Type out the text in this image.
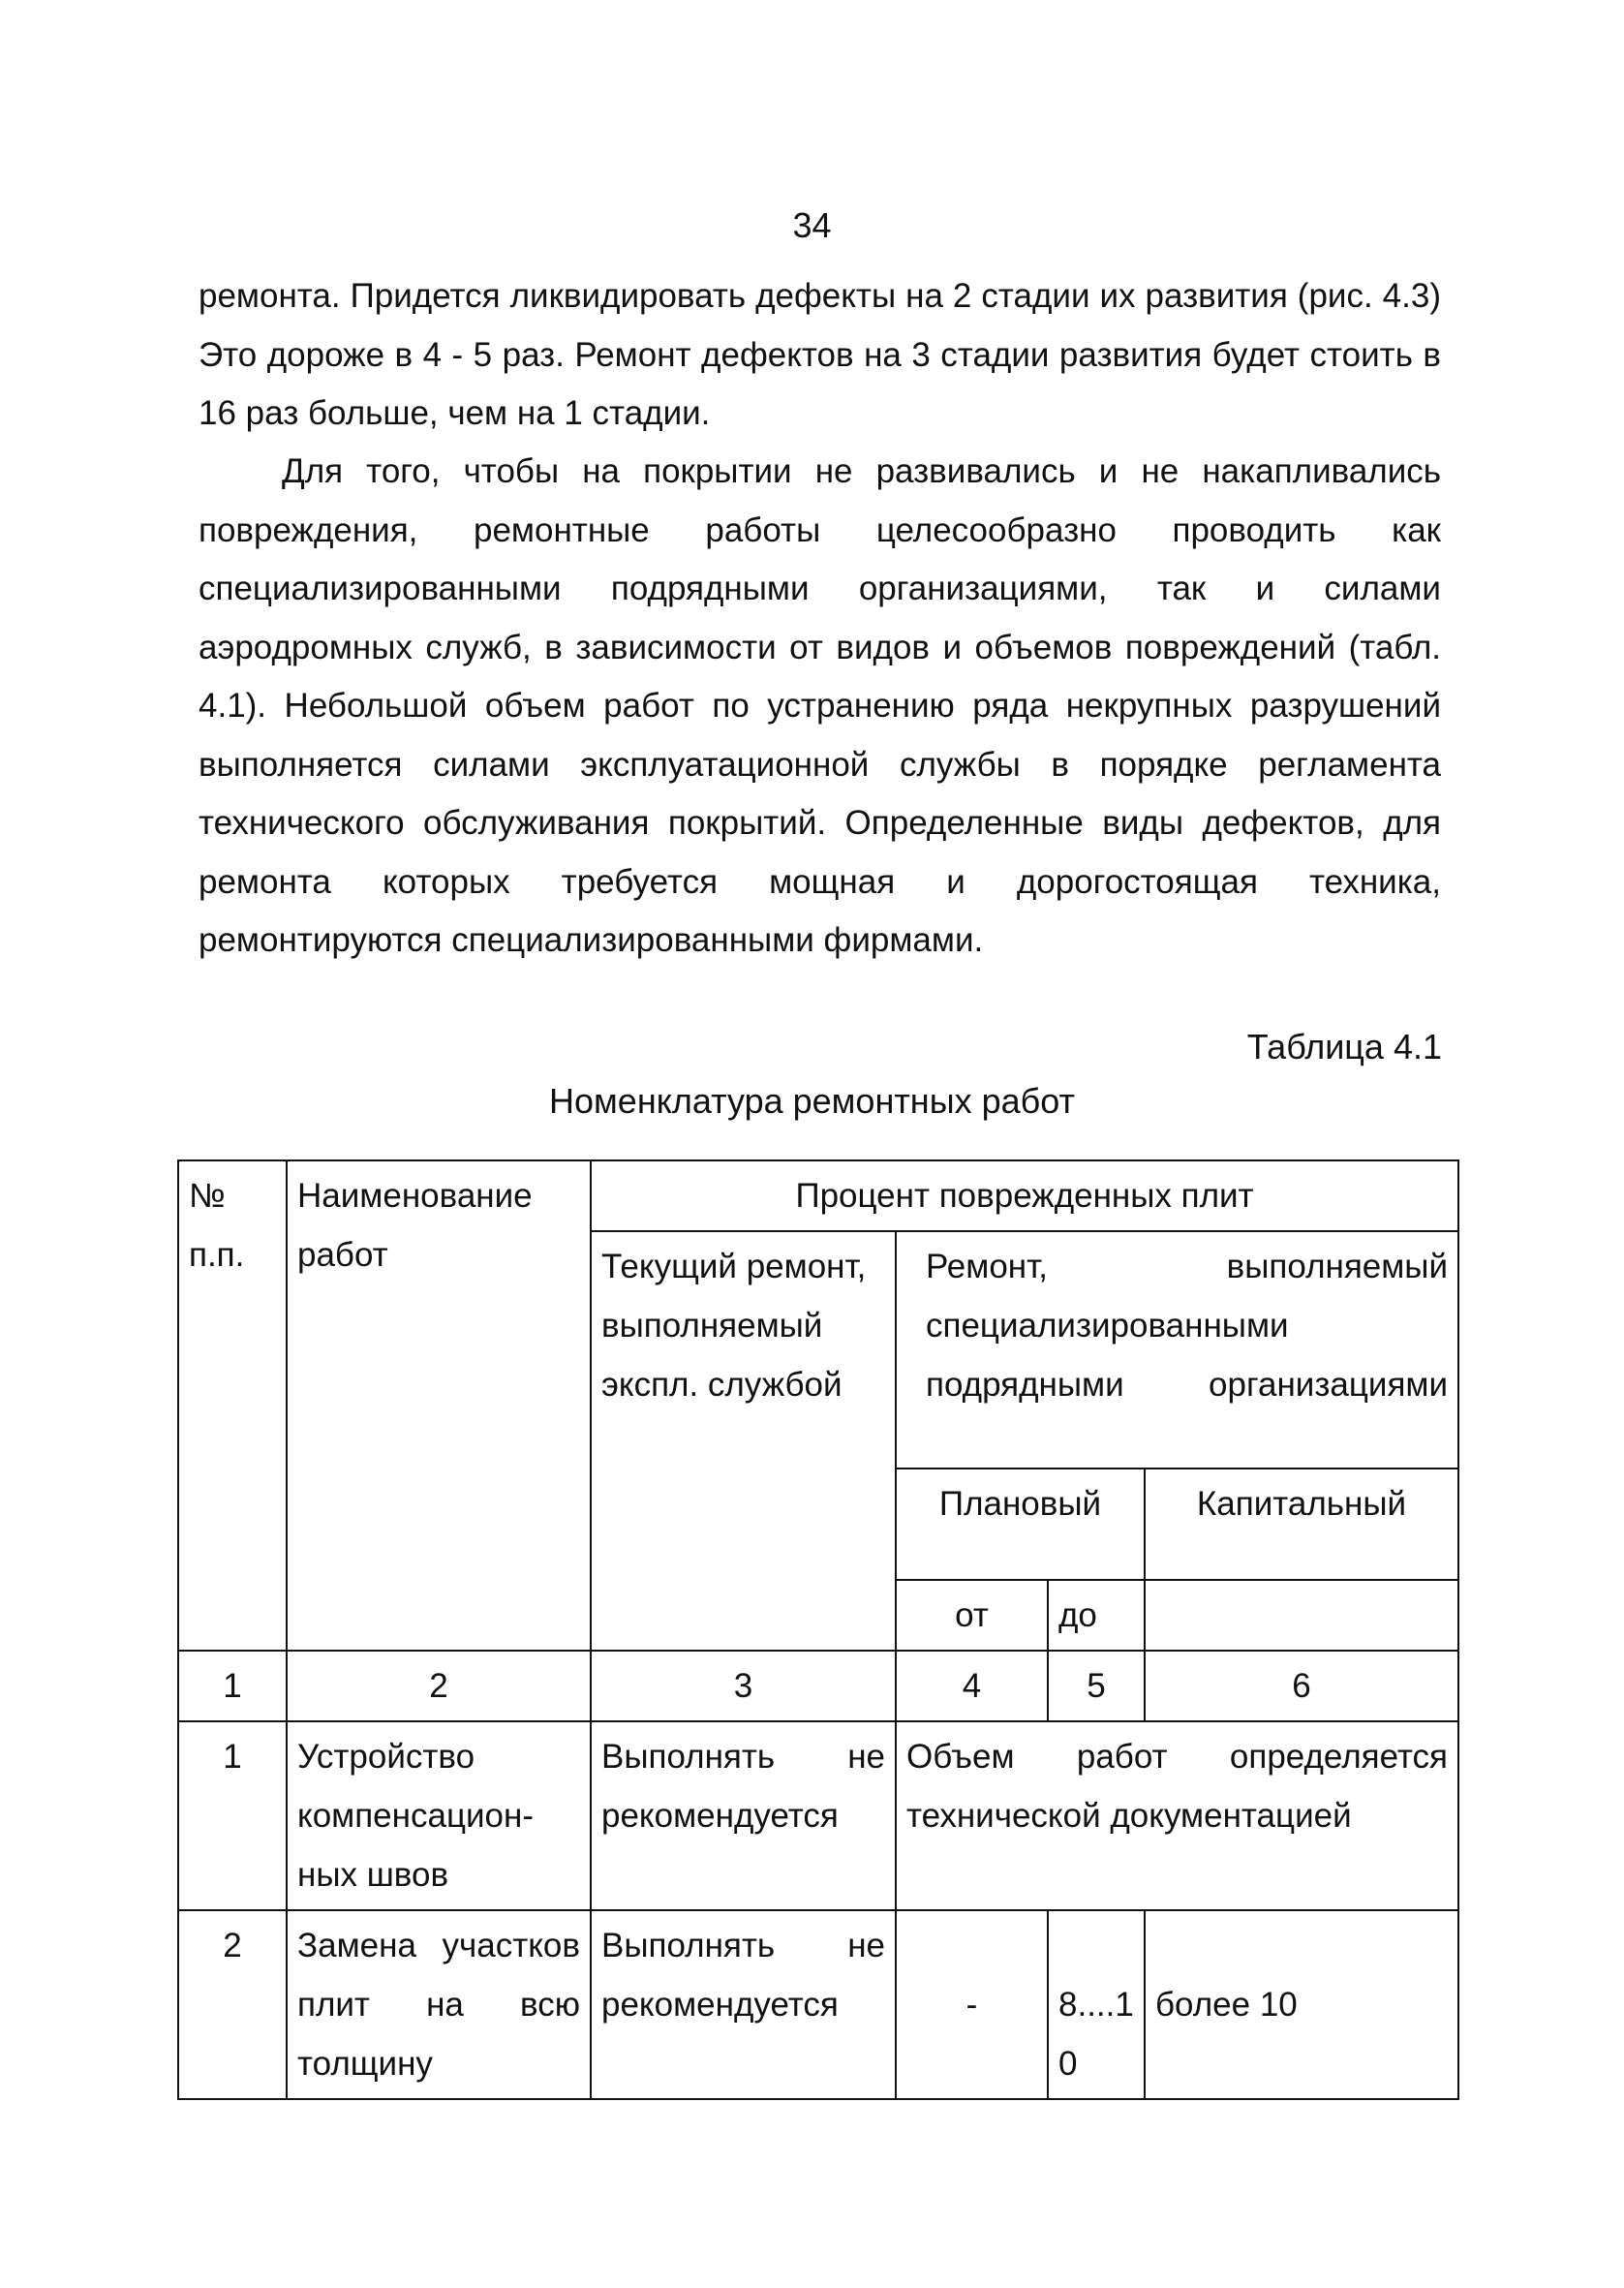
34

ремонта. Придется ликвидировать дефекты на 2 стадии их развития (рис. 4.3) Это дороже в 4 - 5 раз. Ремонт дефектов на 3 стадии развития будет стоить в 16 раз больше, чем на 1 стадии.

Для того, чтобы на покрытии не развивались и не накапливались повреждения, ремонтные работы целесообразно проводить как специализированными подрядными организациями, так и силами аэродромных служб, в зависимости от видов и объемов повреждений (табл. 4.1). Небольшой объем работ по устранению ряда некрупных разрушений выполняется силами эксплуатационной службы в порядке регламента технического обслуживания покрытий. Определенные виды дефектов, для ремонта которых требуется мощная и дорогостоящая техника, ремонтируются специализированными фирмами.

Таблица 4.1
Номенклатура ремонтных работ
№ п.п.	Наименование работ	Процент поврежденных плит			
		Текущий ремонт, выполняемый экспл. службой	Ремонт, выполняемый специализированными подрядными организациями		
			Плановый		Капитальный
			от	до	

1	2	3	4	5	6
1	Устройство компенсацион-ных швов	Выполнять не рекомендуется	Объем работ определяется технической документацией		
2	Замена участков плит на всю толщину	Выполнять не рекомендуется	-	8....10	более 10
